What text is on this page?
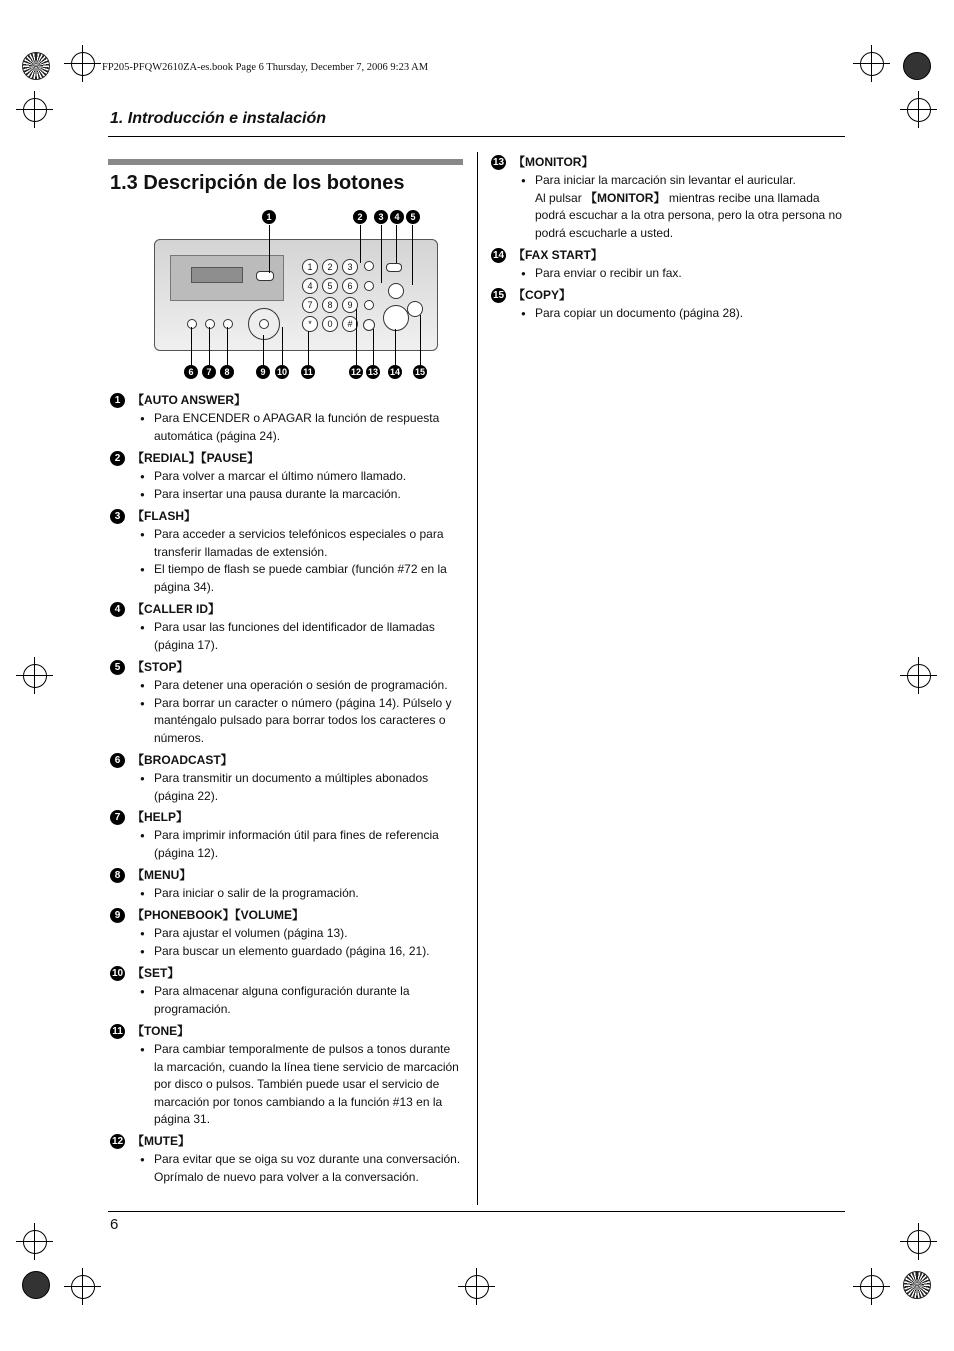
FP205-PFQW2610ZA-es.book Page 6 Thursday, December 7, 2006 9:23 AM
1. Introducción e instalación
1.3 Descripción de los botones
1	2	3	4	5
1	2	3
4	5	6
7	8	9
*	0	#
6	7	8	9	10 11	12 13 14 15
1 【AUTO ANSWER】
● Para ENCENDER o APAGAR la función de respuesta automática (página 24).
2 【REDIAL】【PAUSE】
● Para volver a marcar el último número llamado.
● Para insertar una pausa durante la marcación.
3 【FLASH】
● Para acceder a servicios telefónicos especiales o para transferir llamadas de extensión.
● El tiempo de flash se puede cambiar (función #72 en la página 34).
4 【CALLER ID】
● Para usar las funciones del identificador de llamadas (página 17).
5 【STOP】
● Para detener una operación o sesión de programación.
● Para borrar un caracter o número (página 14). Púlselo y manténgalo pulsado para borrar todos los caracteres o números.
6 【BROADCAST】
● Para transmitir un documento a múltiples abonados (página 22).
7 【HELP】
● Para imprimir información útil para fines de referencia (página 12).
8 【MENU】
● Para iniciar o salir de la programación.
9 【PHONEBOOK】【VOLUME】
● Para ajustar el volumen (página 13).
● Para buscar un elemento guardado (página 16, 21).
10 【SET】
● Para almacenar alguna configuración durante la programación.
11 【TONE】
● Para cambiar temporalmente de pulsos a tonos durante la marcación, cuando la línea tiene servicio de marcación por disco o pulsos. También puede usar el servicio de marcación por tonos cambiando a la función #13 en la página 31.
12 【MUTE】
● Para evitar que se oiga su voz durante una conversación. Oprímalo de nuevo para volver a la conversación.
13 【MONITOR】
● Para iniciar la marcación sin levantar el auricular.
Al pulsar 【MONITOR】 mientras recibe una llamada podrá escuchar a la otra persona, pero la otra persona no podrá escucharle a usted.
14 【FAX START】
● Para enviar o recibir un fax.
15 【COPY】
● Para copiar un documento (página 28).
6
